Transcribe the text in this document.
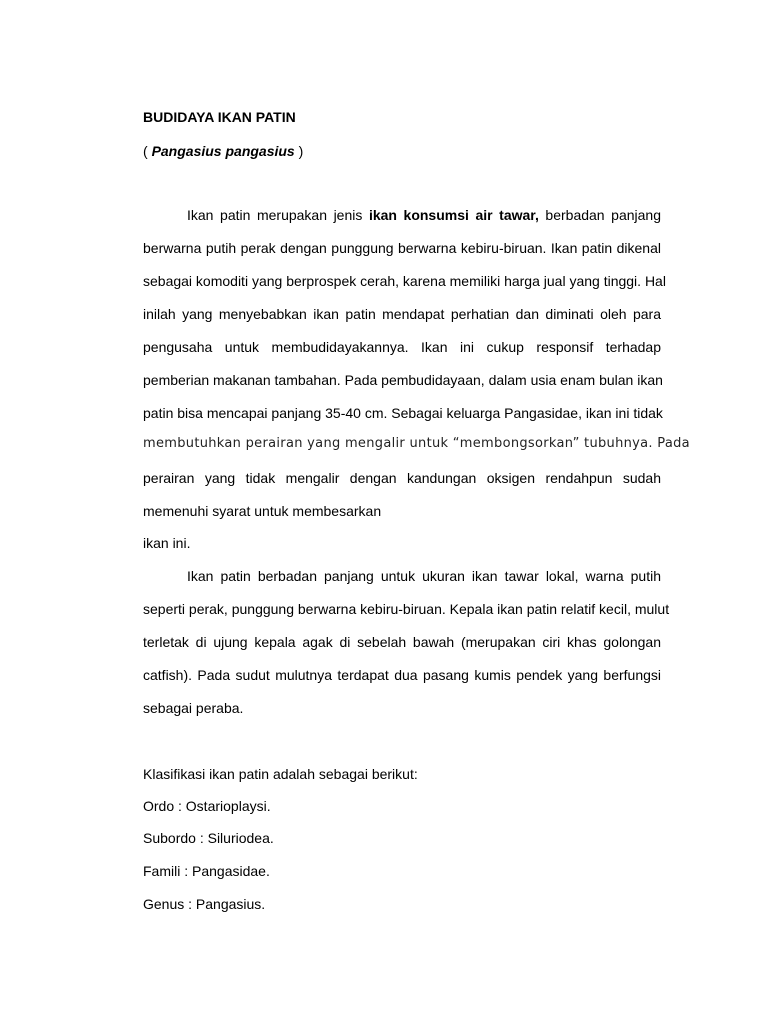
BUDIDAYA IKAN PATIN
( Pangasius pangasius )
Ikan patin merupakan jenis ikan konsumsi air tawar, berbadan panjang
berwarna putih perak dengan punggung berwarna kebiru-biruan. Ikan patin dikenal
sebagai komoditi yang berprospek cerah, karena memiliki harga jual yang tinggi. Hal
inilah yang menyebabkan ikan patin mendapat perhatian dan diminati oleh para
pengusaha untuk membudidayakannya. Ikan ini cukup responsif terhadap
pemberian makanan tambahan. Pada pembudidayaan, dalam usia enam bulan ikan
patin bisa mencapai panjang 35-40 cm. Sebagai keluarga Pangasidae, ikan ini tidak
membutuhkan perairan yang mengalir untuk “membongsorkan” tubuhnya. Pada
perairan yang tidak mengalir dengan kandungan oksigen rendahpun sudah
memenuhi syarat untuk membesarkan
ikan ini.
Ikan patin berbadan panjang untuk ukuran ikan tawar lokal, warna putih
seperti perak, punggung berwarna kebiru-biruan. Kepala ikan patin relatif kecil, mulut
terletak di ujung kepala agak di sebelah bawah (merupakan ciri khas golongan
catfish). Pada sudut mulutnya terdapat dua pasang kumis pendek yang berfungsi
sebagai peraba.
Klasifikasi ikan patin adalah sebagai berikut:
Ordo : Ostarioplaysi.
Subordo : Siluriodea.
Famili : Pangasidae.
Genus : Pangasius.
